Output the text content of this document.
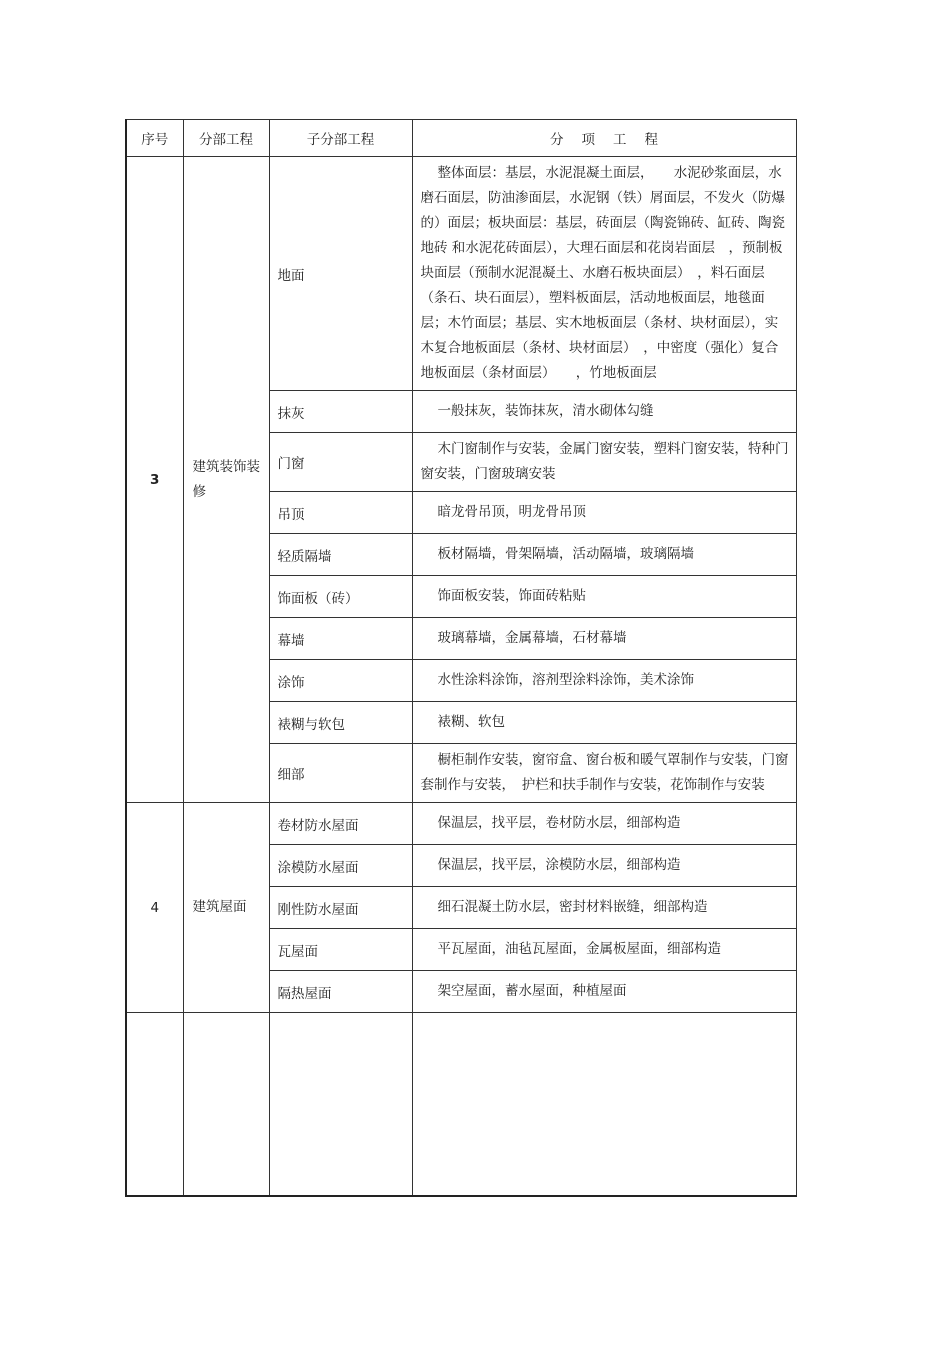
序号	分部工程	子分部工程	分项工程
3	建筑装饰装修	地面	整体面层：基层，水泥混凝土面层，　　水泥砂浆面层，水磨石面层，防油渗面层，水泥钢（铁）屑面层，不发火（防爆的）面层；板块面层：基层，砖面层（陶瓷锦砖、缸砖、陶瓷地砖 和水泥花砖面层），大理石面层和花岗岩面层　，预制板块面层（预制水泥混凝土、水磨石板块面层）　，料石面层（条石、块石面层），塑料板面层，活动地板面层，地毯面层；木竹面层；基层、实木地板面层（条材、块材面层），实木复合地板面层（条材、块材面层）　，中密度（强化）复合地板面层（条材面层）　　，竹地板面层
		抹灰	一般抹灰，装饰抹灰，清水砌体勾缝
		门窗	木门窗制作与安装，金属门窗安装，塑料门窗安装，特种门窗安装，门窗玻璃安装
		吊顶	暗龙骨吊顶，明龙骨吊顶
		轻质隔墙	板材隔墙，骨架隔墙，活动隔墙，玻璃隔墙
		饰面板（砖）	饰面板安装，饰面砖粘贴
		幕墙	玻璃幕墙，金属幕墙，石材幕墙
		涂饰	水性涂料涂饰，溶剂型涂料涂饰，美术涂饰
		裱糊与软包	裱糊、软包
		细部	橱柜制作安装，窗帘盒、窗台板和暖气罩制作与安装，门窗套制作与安装，　护栏和扶手制作与安装，花饰制作与安装
4	建筑屋面	卷材防水屋面	保温层，找平层，卷材防水层，细部构造
		涂模防水屋面	保温层，找平层，涂模防水层，细部构造
		刚性防水屋面	细石混凝土防水层，密封材料嵌缝，细部构造
		瓦屋面	平瓦屋面，油毡瓦屋面，金属板屋面，细部构造
		隔热屋面	架空屋面，蓄水屋面，种植屋面
